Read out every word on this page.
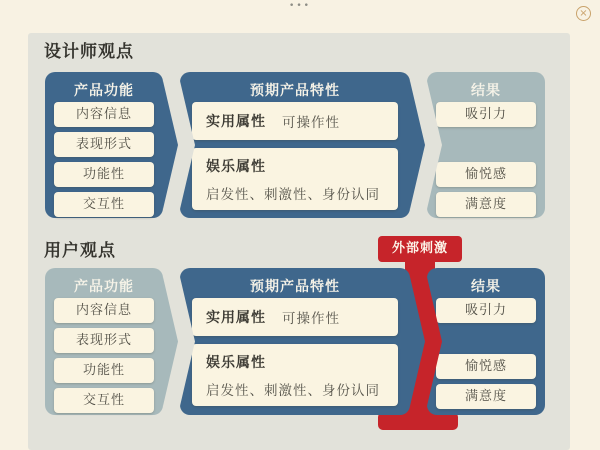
•••
×
设计师观点
产品功能
内容信息
表现形式
功能性
交互性
预期产品特性
实用属性 可操作性
娱乐属性
启发性、刺激性、身份认同
结果
吸引力
愉悦感
满意度
用户观点
产品功能
内容信息
表现形式
功能性
交互性
预期产品特性
实用属性 可操作性
娱乐属性
启发性、刺激性、身份认同
结果
吸引力
愉悦感
满意度
外部刺激
